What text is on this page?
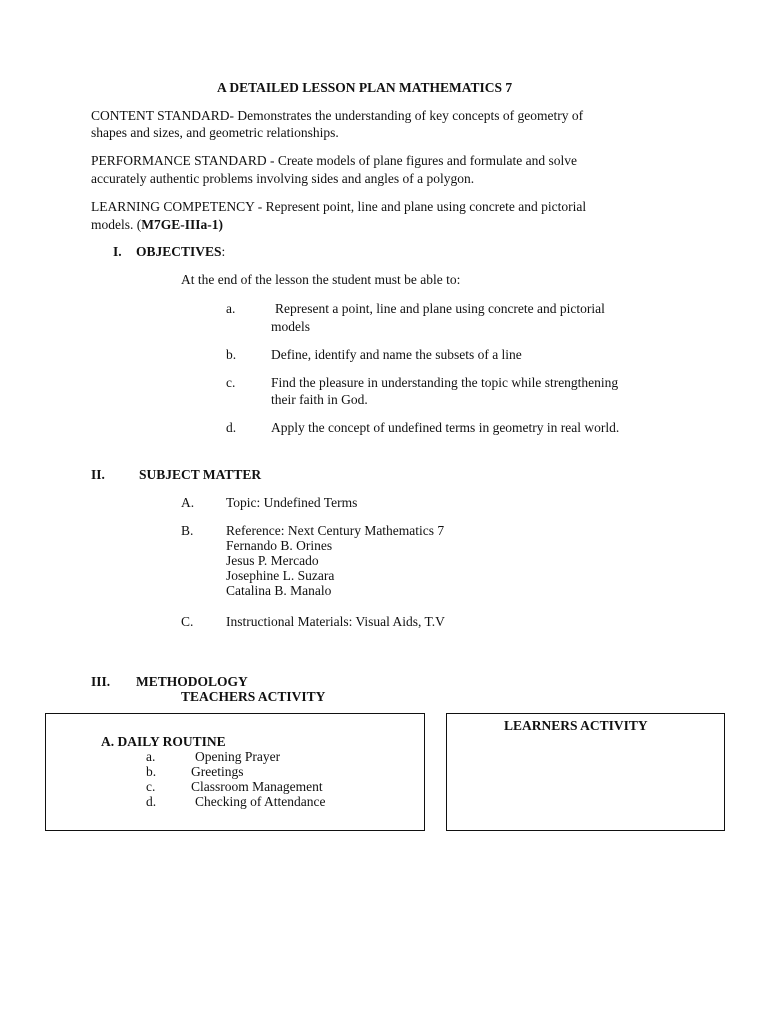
A DETAILED LESSON PLAN MATHEMATICS 7
CONTENT STANDARD- Demonstrates the understanding of key concepts of geometry of
shapes and sizes, and geometric relationships.
PERFORMANCE STANDARD - Create models of plane figures and formulate and solve
accurately authentic problems involving sides and angles of a polygon.
LEARNING COMPETENCY - Represent point, line and plane using concrete and pictorial
models. (M7GE-IIIa-1)
I. OBJECTIVES:
At the end of the lesson the student must be able to:
a.	Represent a point, line and plane using concrete and pictorial
models
b.	Define, identify and name the subsets of a line
c.	Find the pleasure in understanding the topic while strengthening
their faith in God.
d.	Apply the concept of undefined terms in geometry in real world.
II.	SUBJECT MATTER
A. Topic: Undefined Terms
B. Reference: Next Century Mathematics 7
Fernando B. Orines
Jesus P. Mercado
Josephine L. Suzara
Catalina B. Manalo
C. Instructional Materials: Visual Aids, T.V
III. METHODOLOGY
TEACHERS ACTIVITY
A. DAILY ROUTINE
a.	Opening Prayer
b.	Greetings
c.	Classroom Management
d.	Checking of Attendance
LEARNERS ACTIVITY
